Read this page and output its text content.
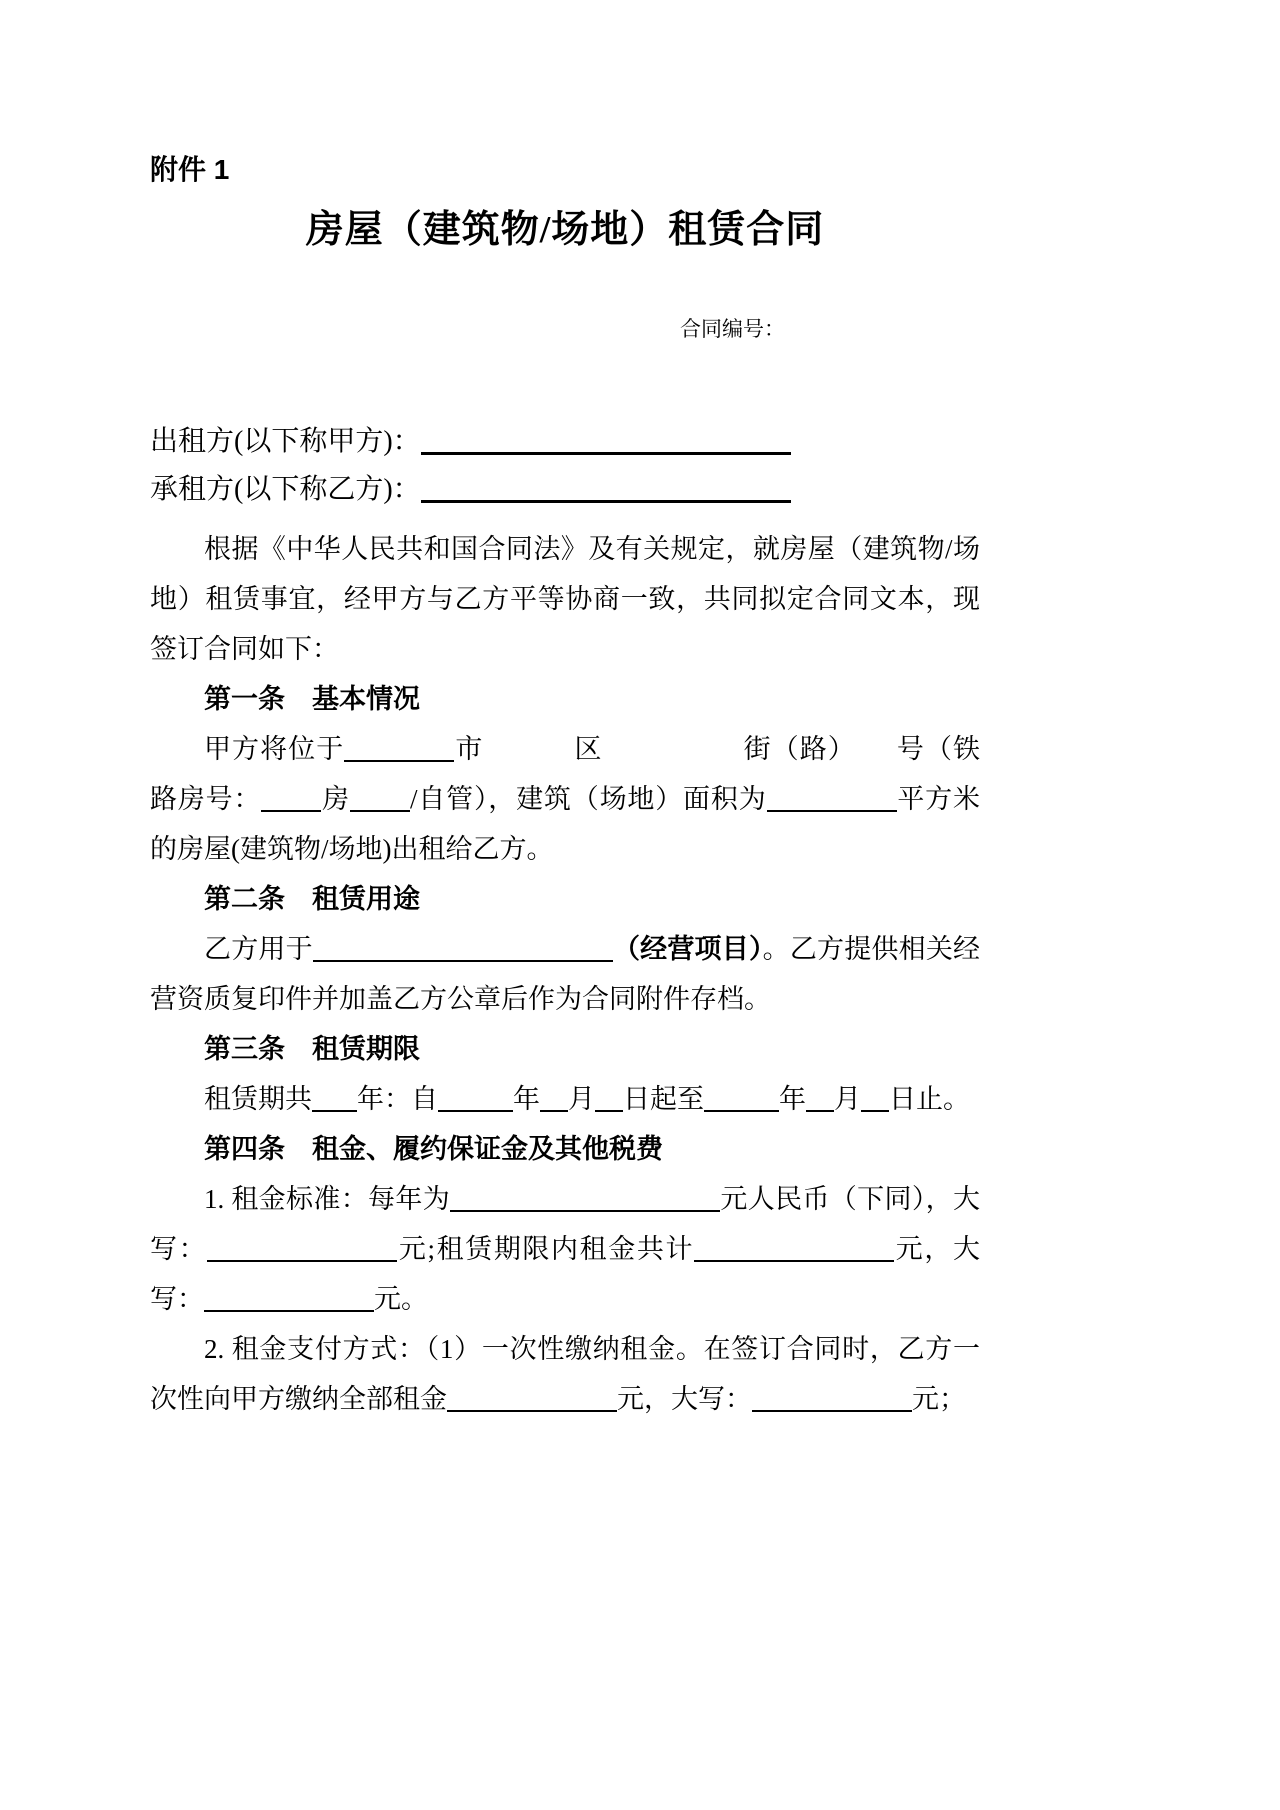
附件 1
房屋（建筑物/场地）租赁合同
合同编号：
出租方(以下称甲方)：
承租方(以下称乙方)：

根据《中华人民共和国合同法》及有关规定，就房屋（建筑物/场地）租赁事宜，经甲方与乙方平等协商一致，共同拟定合同文本，现签订合同如下：

第一条　基本情况

甲方将位于	市	区	街（路） 号（铁路房号： 房 /自管），建筑（场地）面积为	平方米的房屋(建筑物/场地)出租给乙方。

第二条　租赁用途

乙方用于	（经营项目）。乙方提供相关经营资质复印件并加盖乙方公章后作为合同附件存档。

第三条　租赁期限

租赁期共 年：自	年 月 日起至	年 月 日止。

第四条　租金、履约保证金及其他税费

1. 租金标准：每年为	元人民币（下同），大写：	元;租赁期限内租金共计	元，大写：	元。

2. 租金支付方式：（1）一次性缴纳租金。在签订合同时，乙方一次性向甲方缴纳全部租金	元，大写：	元；
